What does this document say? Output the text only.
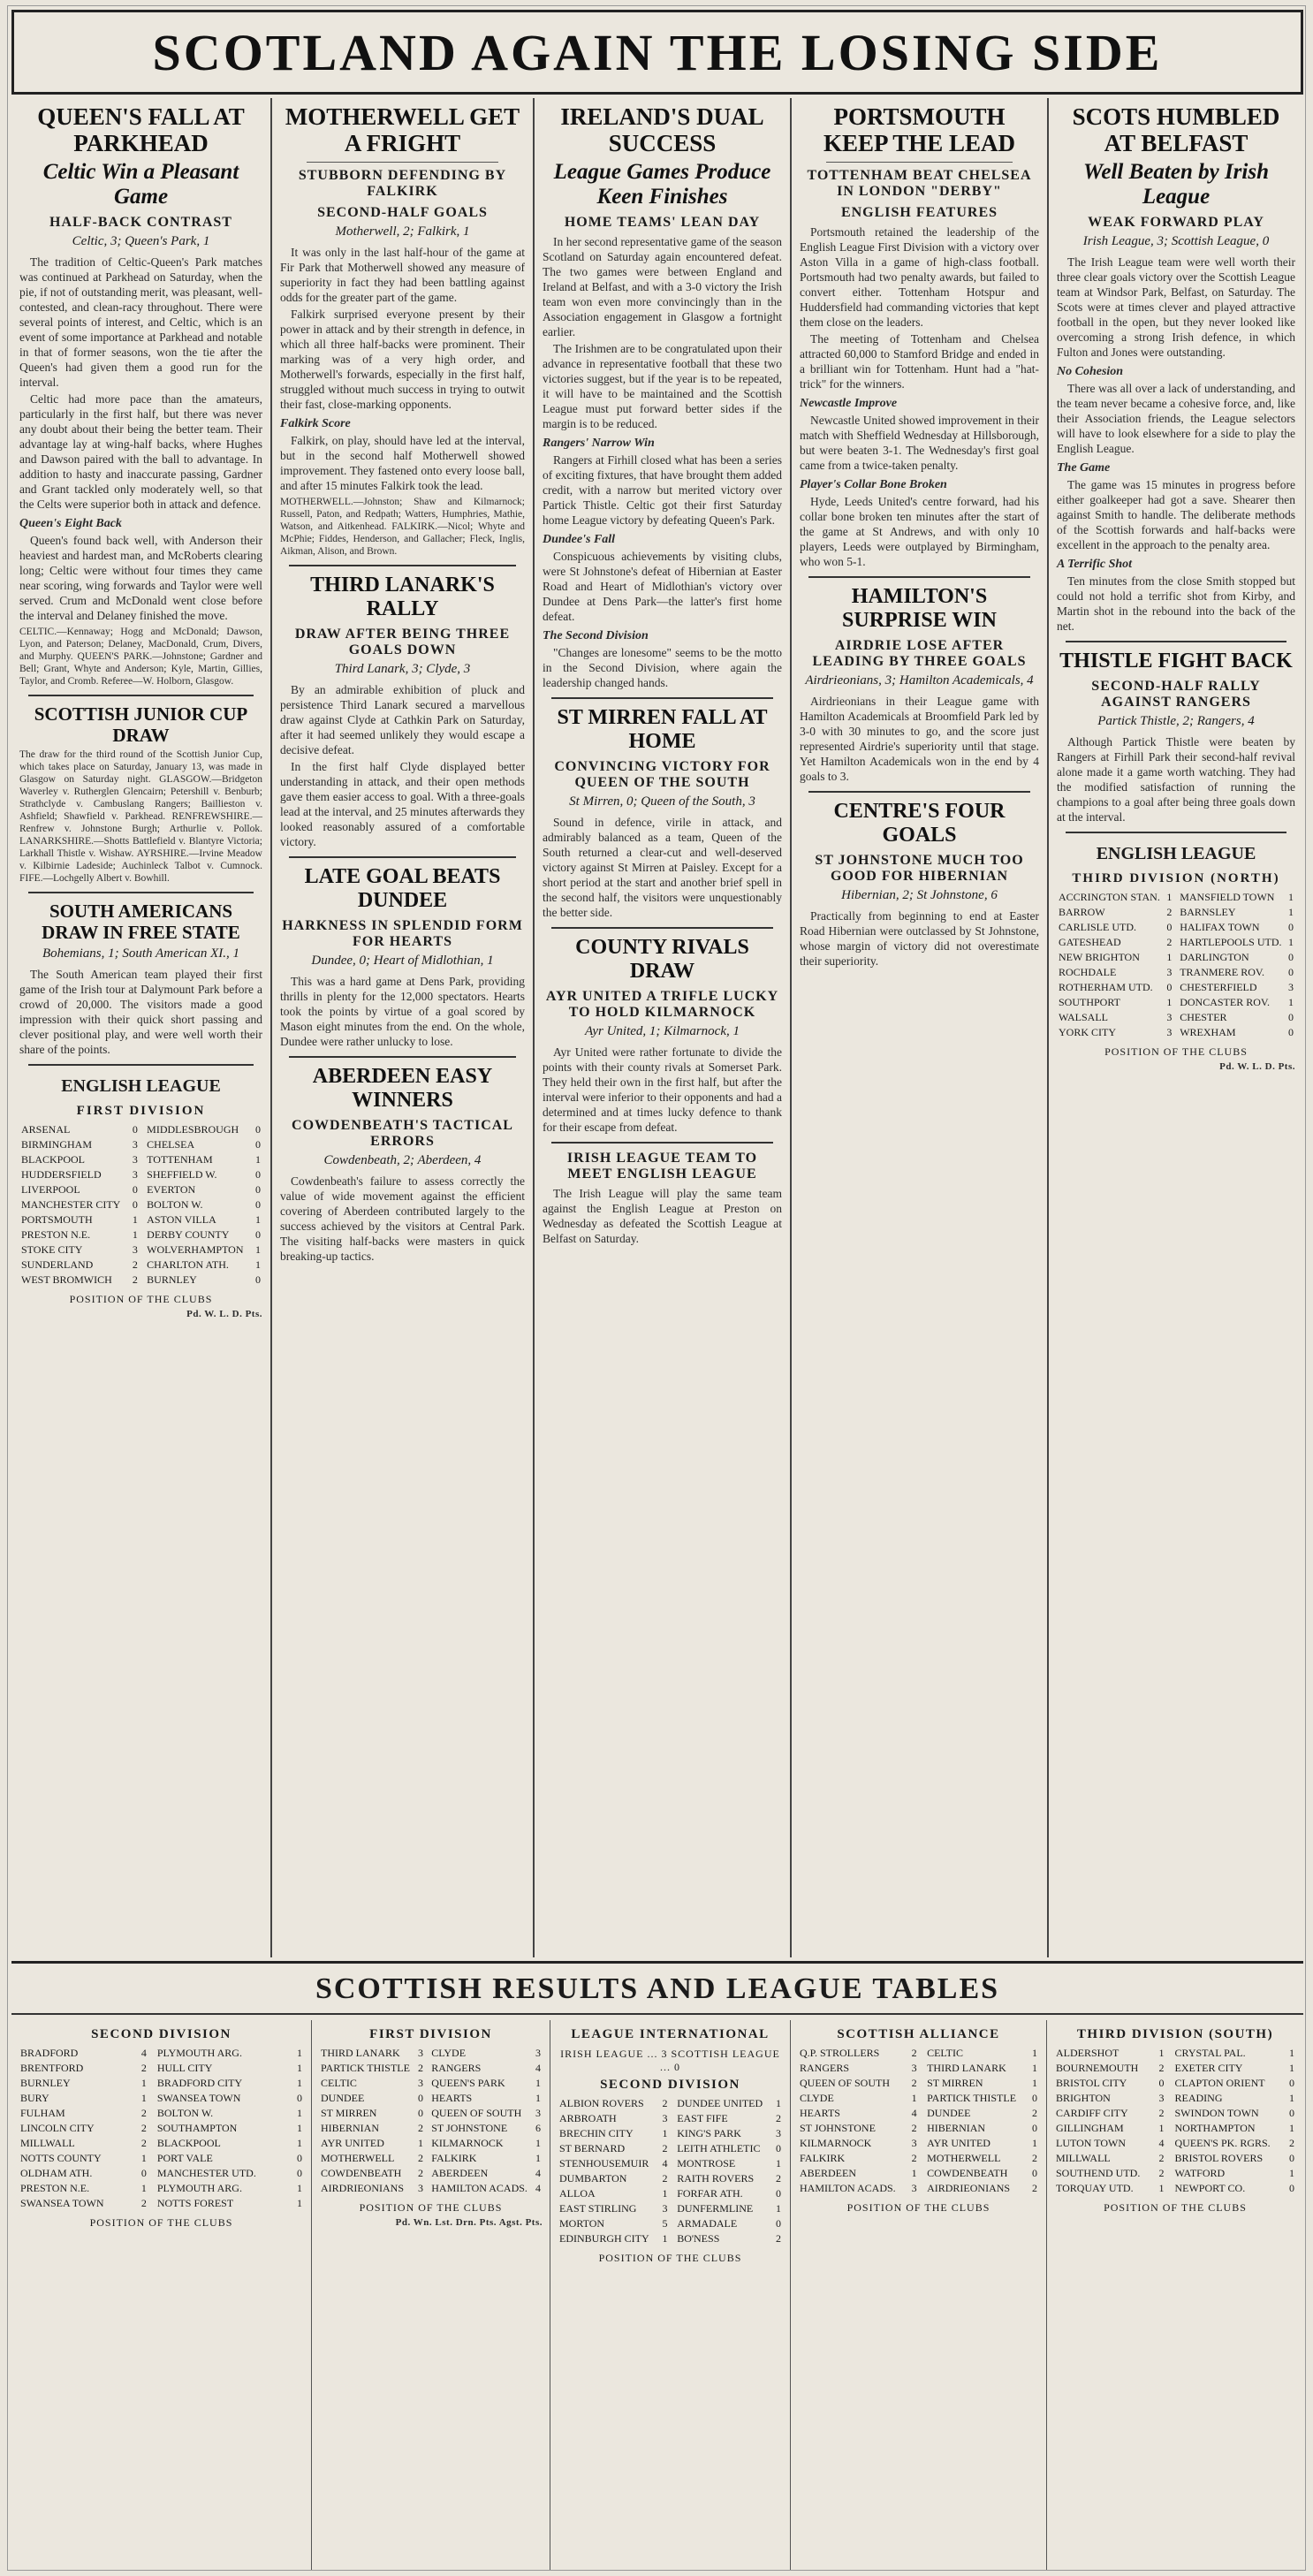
SCOTLAND AGAIN THE LOSING SIDE
QUEEN'S FALL AT PARKHEAD
Celtic Win a Pleasant Game
HALF-BACK CONTRAST
Celtic, 3; Queen's Park, 1

The tradition of Celtic-Queen's Park matches was continued at Parkhead on Saturday, when the pie, if not of outstanding merit, was pleasant, well-contested, and clean-racy throughout. There were several points of interest, and Celtic, which is an event of some importance at Parkhead and notable in that of former seasons, won the tie after the Queen's had given them a good run for the interval.

Celtic had more pace than the amateurs, particularly in the first half, but there was never any doubt about their being the better team. Their advantage lay at wing-half backs, where Hughes and Dawson paired with the ball to advantage. In addition to hasty and inaccurate passing, Gardner and Grant tackled only moderately well, so that the Celts were superior both in attack and defence.

Queen's Eight Back

Queen's found back well, with Anderson their heaviest and hardest man, and McRoberts clearing long; Celtic were without four times they came near scoring, wing forwards and Taylor were well served. Crum and McDonald went close before the interval and Delaney finished the move.

CELTIC.—Kennaway; Hogg and McDonald; Dawson, Lyon, and Paterson; Delaney, MacDonald, Crum, Divers, and Murphy. QUEEN'S PARK.—Johnstone; Gardner and Bell; Grant, Whyte and Anderson; Kyle, Martin, Gillies, Taylor, and Cromb. Referee—W. Holborn, Glasgow.
SCOTTISH JUNIOR CUP DRAW
The draw for the third round of the Scottish Junior Cup, which takes place on Saturday, January 13, was made in Glasgow on Saturday night. GLASGOW.—Bridgeton Waverley v. Rutherglen Glencairn; Petershill v. Benburb; Strathclyde v. Cambuslang Rangers; Baillieston v. Ashfield; Shawfield v. Parkhead. RENFREWSHIRE.—Renfrew v. Johnstone Burgh; Arthurlie v. Pollok. LANARKSHIRE.—Shotts Battlefield v. Blantyre Victoria; Larkhall Thistle v. Wishaw. AYRSHIRE.—Irvine Meadow v. Kilbirnie Ladeside; Auchinleck Talbot v. Cumnock. FIFE.—Lochgelly Albert v. Bowhill.
SOUTH AMERICANS DRAW IN FREE STATE
Bohemians, 1; South American XI., 1

The South American team played their first game of the Irish tour at Dalymount Park before a crowd of 20,000. The visitors made a good impression with their quick short passing and clever positional play, and were well worth their share of the points.

ENGLISH LEAGUE
FIRST DIVISION
ARSENAL	0		MIDDLESBROUGH	0
BIRMINGHAM	3		CHELSEA	0
BLACKPOOL	3		TOTTENHAM	1
HUDDERSFIELD	3		SHEFFIELD W.	0
LIVERPOOL	0		EVERTON	0
MANCHESTER CITY	0		BOLTON W.	0
PORTSMOUTH	1		ASTON VILLA	1
PRESTON N.E.	1		DERBY COUNTY	0
STOKE CITY	3		WOLVERHAMPTON	1
SUNDERLAND	2		CHARLTON ATH.	1
WEST BROMWICH	2		BURNLEY	0
POSITION OF THE CLUBS
Pd. W. L. D. Pts.
MOTHERWELL GET A FRIGHT
STUBBORN DEFENDING BY FALKIRK
SECOND-HALF GOALS
Motherwell, 2; Falkirk, 1

It was only in the last half-hour of the game at Fir Park that Motherwell showed any measure of superiority in fact they had been battling against odds for the greater part of the game.

Falkirk surprised everyone present by their power in attack and by their strength in defence, in which all three half-backs were prominent. Their marking was of a very high order, and Motherwell's forwards, especially in the first half, struggled without much success in trying to outwit their fast, close-marking opponents.

Falkirk Score

Falkirk, on play, should have led at the interval, but in the second half Motherwell showed improvement. They fastened onto every loose ball, and after 15 minutes Falkirk took the lead.

MOTHERWELL.—Johnston; Shaw and Kilmarnock; Russell, Paton, and Redpath; Watters, Humphries, Mathie, Watson, and Aitkenhead. FALKIRK.—Nicol; Whyte and McPhie; Fiddes, Henderson, and Gallacher; Fleck, Inglis, Aikman, Alison, and Brown.
THIRD LANARK'S RALLY
DRAW AFTER BEING THREE GOALS DOWN
Third Lanark, 3; Clyde, 3

By an admirable exhibition of pluck and persistence Third Lanark secured a marvellous draw against Clyde at Cathkin Park on Saturday, after it had seemed unlikely they would escape a decisive defeat.

In the first half Clyde displayed better understanding in attack, and their open methods gave them easier access to goal. With a three-goals lead at the interval, and 25 minutes afterwards they looked reasonably assured of a comfortable victory.

LATE GOAL BEATS DUNDEE
HARKNESS IN SPLENDID FORM FOR HEARTS
Dundee, 0; Heart of Midlothian, 1

This was a hard game at Dens Park, providing thrills in plenty for the 12,000 spectators. Hearts took the points by virtue of a goal scored by Mason eight minutes from the end. On the whole, Dundee were rather unlucky to lose.

ABERDEEN EASY WINNERS
COWDENBEATH'S TACTICAL ERRORS
Cowdenbeath, 2; Aberdeen, 4

Cowdenbeath's failure to assess correctly the value of wide movement against the efficient covering of Aberdeen contributed largely to the success achieved by the visitors at Central Park. The visiting half-backs were masters in quick breaking-up tactics.

IRELAND'S DUAL SUCCESS
League Games Produce Keen Finishes
HOME TEAMS' LEAN DAY

In her second representative game of the season Scotland on Saturday again encountered defeat. The two games were between England and Ireland at Belfast, and with a 3-0 victory the Irish team won even more convincingly than in the Association engagement in Glasgow a fortnight earlier.

The Irishmen are to be congratulated upon their advance in representative football that these two victories suggest, but if the year is to be repeated, it will have to be maintained and the Scottish League must put forward better sides if the margin is to be reduced.

Rangers' Narrow Win

Rangers at Firhill closed what has been a series of exciting fixtures, that have brought them added credit, with a narrow but merited victory over Partick Thistle. Celtic got their first Saturday home League victory by defeating Queen's Park.

Dundee's Fall

Conspicuous achievements by visiting clubs, were St Johnstone's defeat of Hibernian at Easter Road and Heart of Midlothian's victory over Dundee at Dens Park—the latter's first home defeat.

The Second Division

"Changes are lonesome" seems to be the motto in the Second Division, where again the leadership changed hands.

ST MIRREN FALL AT HOME
CONVINCING VICTORY FOR QUEEN OF THE SOUTH
St Mirren, 0; Queen of the South, 3

Sound in defence, virile in attack, and admirably balanced as a team, Queen of the South returned a clear-cut and well-deserved victory against St Mirren at Paisley. Except for a short period at the start and another brief spell in the second half, the visitors were unquestionably the better side.

COUNTY RIVALS DRAW
AYR UNITED A TRIFLE LUCKY TO HOLD KILMARNOCK
Ayr United, 1; Kilmarnock, 1

Ayr United were rather fortunate to divide the points with their county rivals at Somerset Park. They held their own in the first half, but after the interval were inferior to their opponents and had a determined and at times lucky defence to thank for their escape from defeat.

IRISH LEAGUE TEAM TO MEET ENGLISH LEAGUE

The Irish League will play the same team against the English League at Preston on Wednesday as defeated the Scottish League at Belfast on Saturday.

PORTSMOUTH KEEP THE LEAD
TOTTENHAM BEAT CHELSEA IN LONDON "DERBY"
ENGLISH FEATURES

Portsmouth retained the leadership of the English League First Division with a victory over Aston Villa in a game of high-class football. Portsmouth had two penalty awards, but failed to convert either. Tottenham Hotspur and Huddersfield had commanding victories that kept them close on the leaders.

The meeting of Tottenham and Chelsea attracted 60,000 to Stamford Bridge and ended in a brilliant win for Tottenham. Hunt had a "hat-trick" for the winners.

Newcastle Improve

Newcastle United showed improvement in their match with Sheffield Wednesday at Hillsborough, but were beaten 3-1. The Wednesday's first goal came from a twice-taken penalty.

Player's Collar Bone Broken

Hyde, Leeds United's centre forward, had his collar bone broken ten minutes after the start of the game at St Andrews, and with only 10 players, Leeds were outplayed by Birmingham, who won 5-1.

HAMILTON'S SURPRISE WIN
AIRDRIE LOSE AFTER LEADING BY THREE GOALS
Airdrieonians, 3; Hamilton Academicals, 4

Airdrieonians in their League game with Hamilton Academicals at Broomfield Park led by 3-0 with 30 minutes to go, and the score just represented Airdrie's superiority until that stage. Yet Hamilton Academicals won in the end by 4 goals to 3.

CENTRE'S FOUR GOALS
ST JOHNSTONE MUCH TOO GOOD FOR HIBERNIAN
Hibernian, 2; St Johnstone, 6

Practically from beginning to end at Easter Road Hibernian were outclassed by St Johnstone, whose margin of victory did not overestimate their superiority.

SCOTS HUMBLED AT BELFAST
Well Beaten by Irish League
WEAK FORWARD PLAY
Irish League, 3; Scottish League, 0

The Irish League team were well worth their three clear goals victory over the Scottish League team at Windsor Park, Belfast, on Saturday. The Scots were at times clever and played attractive football in the open, but they never looked like overcoming a strong Irish defence, in which Fulton and Jones were outstanding.

No Cohesion

There was all over a lack of understanding, and the team never became a cohesive force, and, like their Association friends, the League selectors will have to look elsewhere for a side to play the English League.

The Game

The game was 15 minutes in progress before either goalkeeper had got a save. Shearer then against Smith to handle. The deliberate methods of the Scottish forwards and half-backs were excellent in the approach to the penalty area.

A Terrific Shot

Ten minutes from the close Smith stopped but could not hold a terrific shot from Kirby, and Martin shot in the rebound into the back of the net.

THISTLE FIGHT BACK
SECOND-HALF RALLY AGAINST RANGERS
Partick Thistle, 2; Rangers, 4

Although Partick Thistle were beaten by Rangers at Firhill Park their second-half revival alone made it a game worth watching. They had the modified satisfaction of running the champions to a goal after being three goals down at the interval.

ENGLISH LEAGUE
THIRD DIVISION (NORTH)
ACCRINGTON STAN.	1		MANSFIELD TOWN	1
BARROW	2		BARNSLEY	1
CARLISLE UTD.	0		HALIFAX TOWN	0
GATESHEAD	2		HARTLEPOOLS UTD.	1
NEW BRIGHTON	1		DARLINGTON	0
ROCHDALE	3		TRANMERE ROV.	0
ROTHERHAM UTD.	0		CHESTERFIELD	3
SOUTHPORT	1		DONCASTER ROV.	1
WALSALL	3		CHESTER	0
YORK CITY	3		WREXHAM	0
POSITION OF THE CLUBS
Pd. W. L. D. Pts.
SCOTTISH RESULTS AND LEAGUE TABLES
SECOND DIVISION
BRADFORD	4		PLYMOUTH ARG.	1
BRENTFORD	2		HULL CITY	1
BURNLEY	1		BRADFORD CITY	1
BURY	1		SWANSEA TOWN	0
FULHAM	2		BOLTON W.	1
LINCOLN CITY	2		SOUTHAMPTON	1
MILLWALL	2		BLACKPOOL	1
NOTTS COUNTY	1		PORT VALE	0
OLDHAM ATH.	0		MANCHESTER UTD.	0
PRESTON N.E.	1		PLYMOUTH ARG.	1
SWANSEA TOWN	2		NOTTS FOREST	1
POSITION OF THE CLUBS
FIRST DIVISION
THIRD LANARK	3		CLYDE	3
PARTICK THISTLE	2		RANGERS	4
CELTIC	3		QUEEN'S PARK	1
DUNDEE	0		HEARTS	1
ST MIRREN	0		QUEEN OF SOUTH	3
HIBERNIAN	2		ST JOHNSTONE	6
AYR UNITED	1		KILMARNOCK	1
MOTHERWELL	2		FALKIRK	1
COWDENBEATH	2		ABERDEEN	4
AIRDRIEONIANS	3		HAMILTON ACADS.	4
POSITION OF THE CLUBS
Pd. Wn. Lst. Drn. Pts. Agst. Pts.
LEAGUE INTERNATIONAL
IRISH LEAGUE ... 3 SCOTTISH LEAGUE ... 0
SECOND DIVISION
ALBION ROVERS	2		DUNDEE UNITED	1
ARBROATH	3		EAST FIFE	2
BRECHIN CITY	1		KING'S PARK	3
ST BERNARD	2		LEITH ATHLETIC	0
STENHOUSEMUIR	4		MONTROSE	1
DUMBARTON	2		RAITH ROVERS	2
ALLOA	1		FORFAR ATH.	0
EAST STIRLING	3		DUNFERMLINE	1
MORTON	5		ARMADALE	0
EDINBURGH CITY	1		BO'NESS	2
POSITION OF THE CLUBS
SCOTTISH ALLIANCE
Q.P. STROLLERS	2		CELTIC	1
RANGERS	3		THIRD LANARK	1
QUEEN OF SOUTH	2		ST MIRREN	1
CLYDE	1		PARTICK THISTLE	0
HEARTS	4		DUNDEE	2
ST JOHNSTONE	2		HIBERNIAN	0
KILMARNOCK	3		AYR UNITED	1
FALKIRK	2		MOTHERWELL	2
ABERDEEN	1		COWDENBEATH	0
HAMILTON ACADS.	3		AIRDRIEONIANS	2
POSITION OF THE CLUBS
THIRD DIVISION (SOUTH)
ALDERSHOT	1		CRYSTAL PAL.	1
BOURNEMOUTH	2		EXETER CITY	1
BRISTOL CITY	0		CLAPTON ORIENT	0
BRIGHTON	3		READING	1
CARDIFF CITY	2		SWINDON TOWN	0
GILLINGHAM	1		NORTHAMPTON	1
LUTON TOWN	4		QUEEN'S PK. RGRS.	2
MILLWALL	2		BRISTOL ROVERS	0
SOUTHEND UTD.	2		WATFORD	1
TORQUAY UTD.	1		NEWPORT CO.	0
POSITION OF THE CLUBS
